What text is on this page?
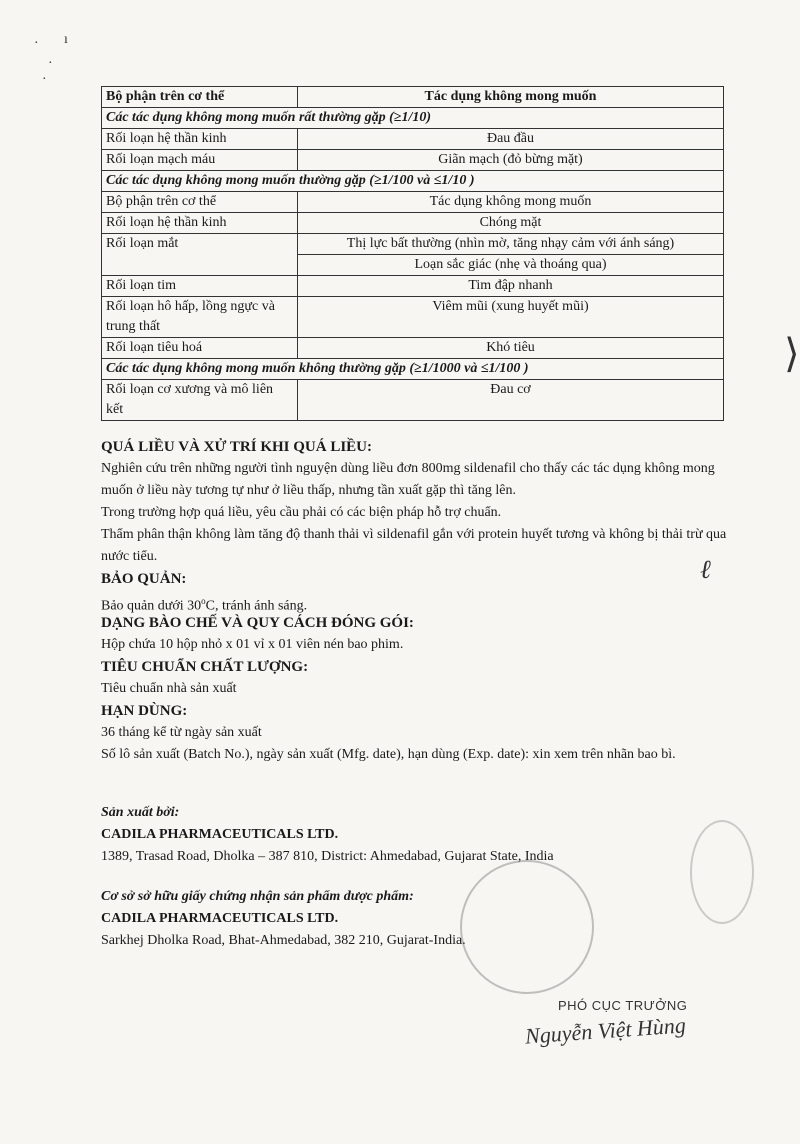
· ı
·
·
⟩
Bộ phận trên cơ thể	Tác dụng không mong muốn
Các tác dụng không mong muốn rất thường gặp (≥1/10)	
Rối loạn hệ thần kinh	Đau đầu
Rối loạn mạch máu	Giãn mạch (đỏ bừng mặt)
Các tác dụng không mong muốn thường gặp (≥1/100 và ≤1/10 )	
Bộ phận trên cơ thể	Tác dụng không mong muốn
Rối loạn hệ thần kinh	Chóng mặt
Rối loạn mắt	Thị lực bất thường (nhìn mờ, tăng nhạy cảm với ánh sáng)
	Loạn sắc giác (nhẹ và thoáng qua)
Rối loạn tim	Tim đập nhanh
Rối loạn hô hấp, lồng ngực và trung thất	Viêm mũi (xung huyết mũi)
Rối loạn tiêu hoá	Khó tiêu
Các tác dụng không mong muốn không thường gặp (≥1/1000 và ≤1/100 )	
Rối loạn cơ xương và mô liên kết	Đau cơ
QUÁ LIỀU VÀ XỬ TRÍ KHI QUÁ LIỀU:
Nghiên cứu trên những người tình nguyện dùng liều đơn 800mg sildenafil cho thấy các tác dụng không mong muốn ở liều này tương tự như ở liều thấp, nhưng tần xuất gặp thì tăng lên.
Trong trường hợp quá liều, yêu cầu phải có các biện pháp hỗ trợ chuẩn.
Thẩm phân thận không làm tăng độ thanh thải vì sildenafil gắn với protein huyết tương và không bị thải trừ qua nước tiểu.
BẢO QUẢN:
Bảo quản dưới 30$^o$C, tránh ánh sáng.
DẠNG BÀO CHẾ VÀ QUY CÁCH ĐÓNG GÓI:
Hộp chứa 10 hộp nhỏ x 01 vỉ x 01 viên nén bao phim.
TIÊU CHUẨN CHẤT LƯỢNG:
Tiêu chuẩn nhà sản xuất
HẠN DÙNG:
36 tháng kể từ ngày sản xuất
Số lô sản xuất (Batch No.), ngày sản xuất (Mfg. date), hạn dùng (Exp. date): xin xem trên nhãn bao bì.
Sản xuất bởi:
CADILA PHARMACEUTICALS LTD.
1389, Trasad Road, Dholka – 387 810, District: Ahmedabad, Gujarat State, India
Cơ sở sở hữu giấy chứng nhận sản phẩm dược phẩm:
CADILA PHARMACEUTICALS LTD.
Sarkhej Dholka Road, Bhat-Ahmedabad, 382 210, Gujarat-India.
ℓ
PHÓ CỤC TRƯỞNG
Nguyễn Việt Hùng
